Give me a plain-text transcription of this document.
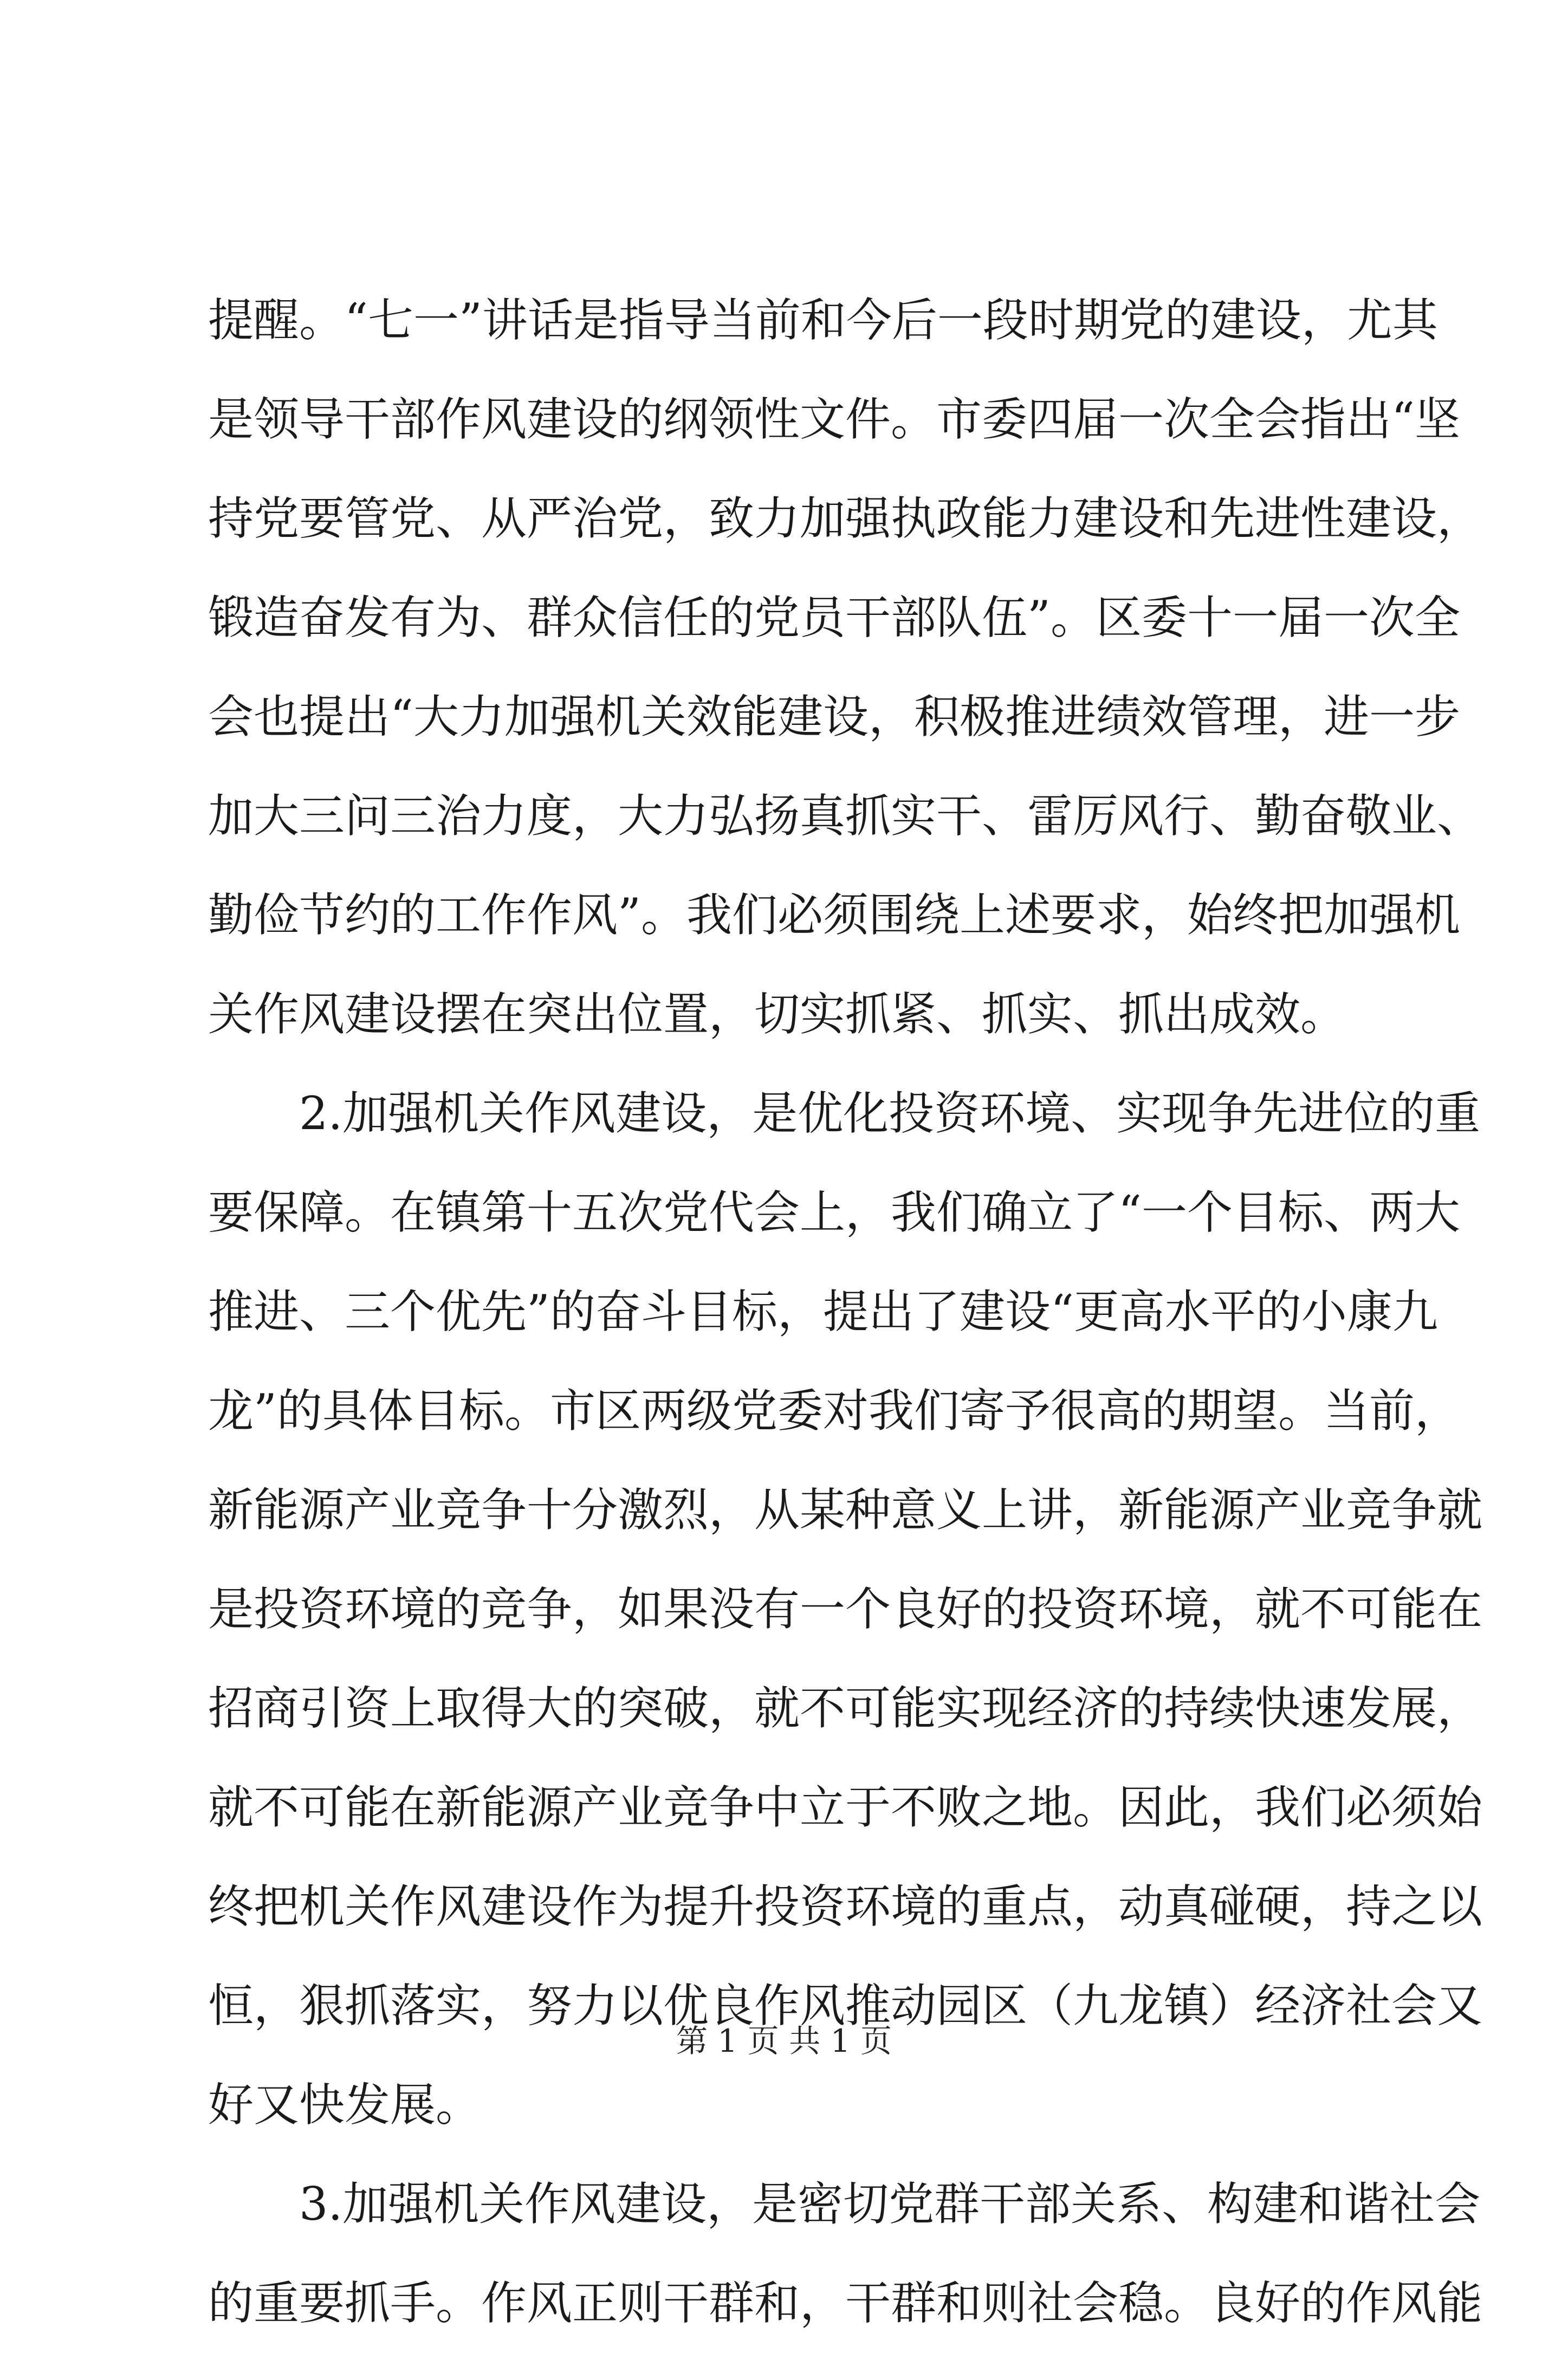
提醒。“七一”讲话是指导当前和今后一段时期党的建设，尤其
是领导干部作风建设的纲领性文件。市委四届一次全会指出“坚
持党要管党、从严治党，致力加强执政能力建设和先进性建设，
锻造奋发有为、群众信任的党员干部队伍”。区委十一届一次全
会也提出“大力加强机关效能建设，积极推进绩效管理，进一步
加大三问三治力度，大力弘扬真抓实干、雷厉风行、勤奋敬业、
勤俭节约的工作作风”。我们必须围绕上述要求，始终把加强机
关作风建设摆在突出位置，切实抓紧、抓实、抓出成效。
2.加强机关作风建设，是优化投资环境、实现争先进位的重
要保障。在镇第十五次党代会上，我们确立了“一个目标、两大
推进、三个优先”的奋斗目标，提出了建设“更高水平的小康九
龙”的具体目标。市区两级党委对我们寄予很高的期望。当前，
新能源产业竞争十分激烈，从某种意义上讲，新能源产业竞争就
是投资环境的竞争，如果没有一个良好的投资环境，就不可能在
招商引资上取得大的突破，就不可能实现经济的持续快速发展，
就不可能在新能源产业竞争中立于不败之地。因此，我们必须始
终把机关作风建设作为提升投资环境的重点，动真碰硬，持之以
恒，狠抓落实，努力以优良作风推动园区（九龙镇）经济社会又
好又快发展。
3.加强机关作风建设，是密切党群干部关系、构建和谐社会
的重要抓手。作风正则干群和，干群和则社会稳。良好的作风能
第 1 页 共 1 页
